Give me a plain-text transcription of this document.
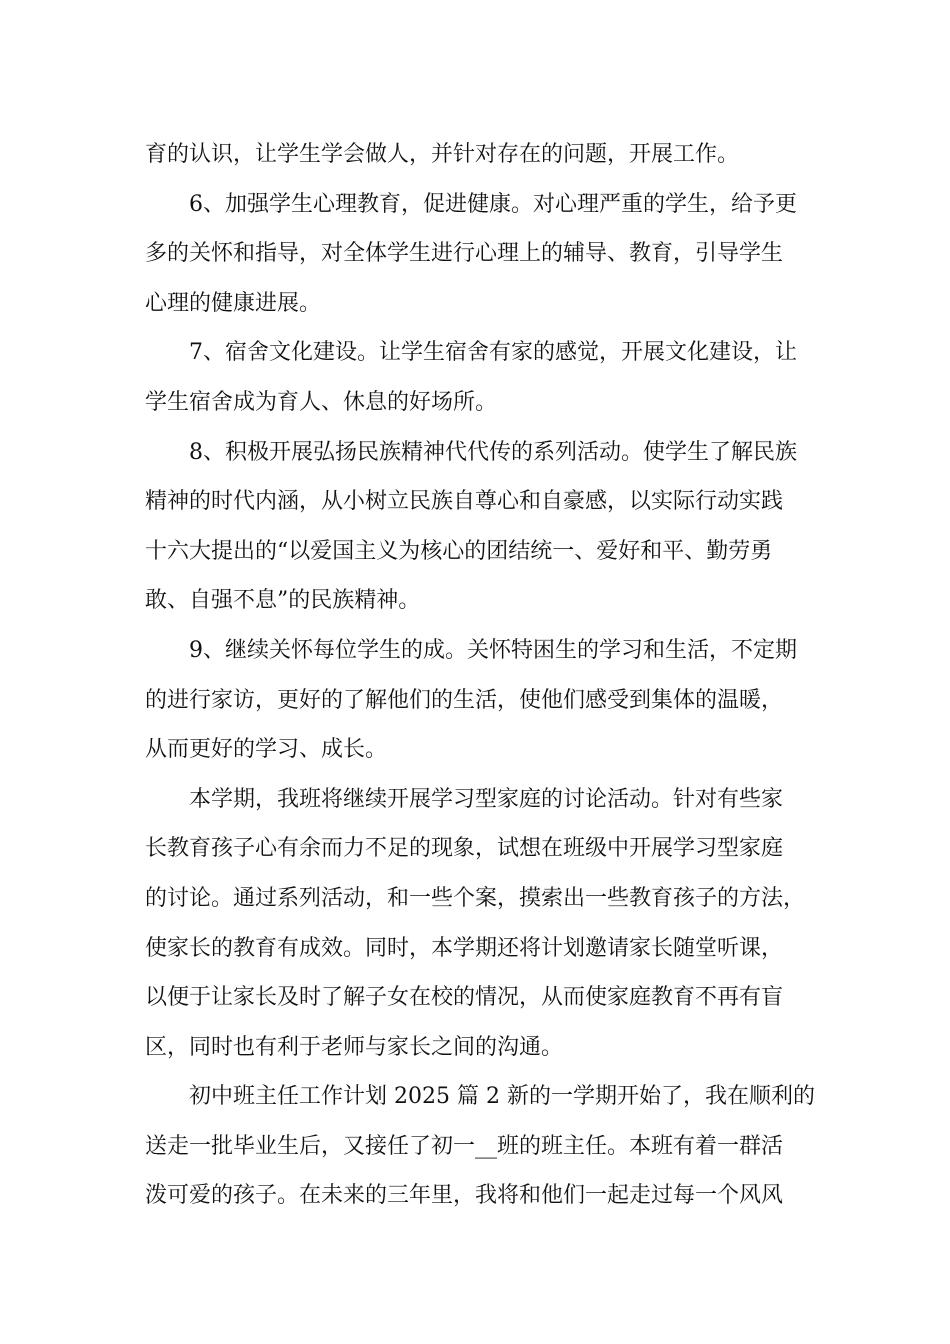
育的认识，让学生学会做人，并针对存在的问题，开展工作。
6、加强学生心理教育，促进健康。对心理严重的学生，给予更
多的关怀和指导，对全体学生进行心理上的辅导、教育，引导学生
心理的健康进展。
7、宿舍文化建设。让学生宿舍有家的感觉，开展文化建设，让
学生宿舍成为育人、休息的好场所。
8、积极开展弘扬民族精神代代传的系列活动。使学生了解民族
精神的时代内涵，从小树立民族自尊心和自豪感，以实际行动实践
十六大提出的“以爱国主义为核心的团结统一、爱好和平、勤劳勇
敢、自强不息”的民族精神。
9、继续关怀每位学生的成。关怀特困生的学习和生活，不定期
的进行家访，更好的了解他们的生活，使他们感受到集体的温暖，
从而更好的学习、成长。
本学期，我班将继续开展学习型家庭的讨论活动。针对有些家
长教育孩子心有余而力不足的现象，试想在班级中开展学习型家庭
的讨论。通过系列活动，和一些个案，摸索出一些教育孩子的方法，
使家长的教育有成效。同时，本学期还将计划邀请家长随堂听课，
以便于让家长及时了解子女在校的情况，从而使家庭教育不再有盲
区，同时也有利于老师与家长之间的沟通。
初中班主任工作计划 2025 篇 2 新的一学期开始了，我在顺利的
送走一批毕业生后，又接任了初一__班的班主任。本班有着一群活
泼可爱的孩子。在未来的三年里，我将和他们一起走过每一个风风
